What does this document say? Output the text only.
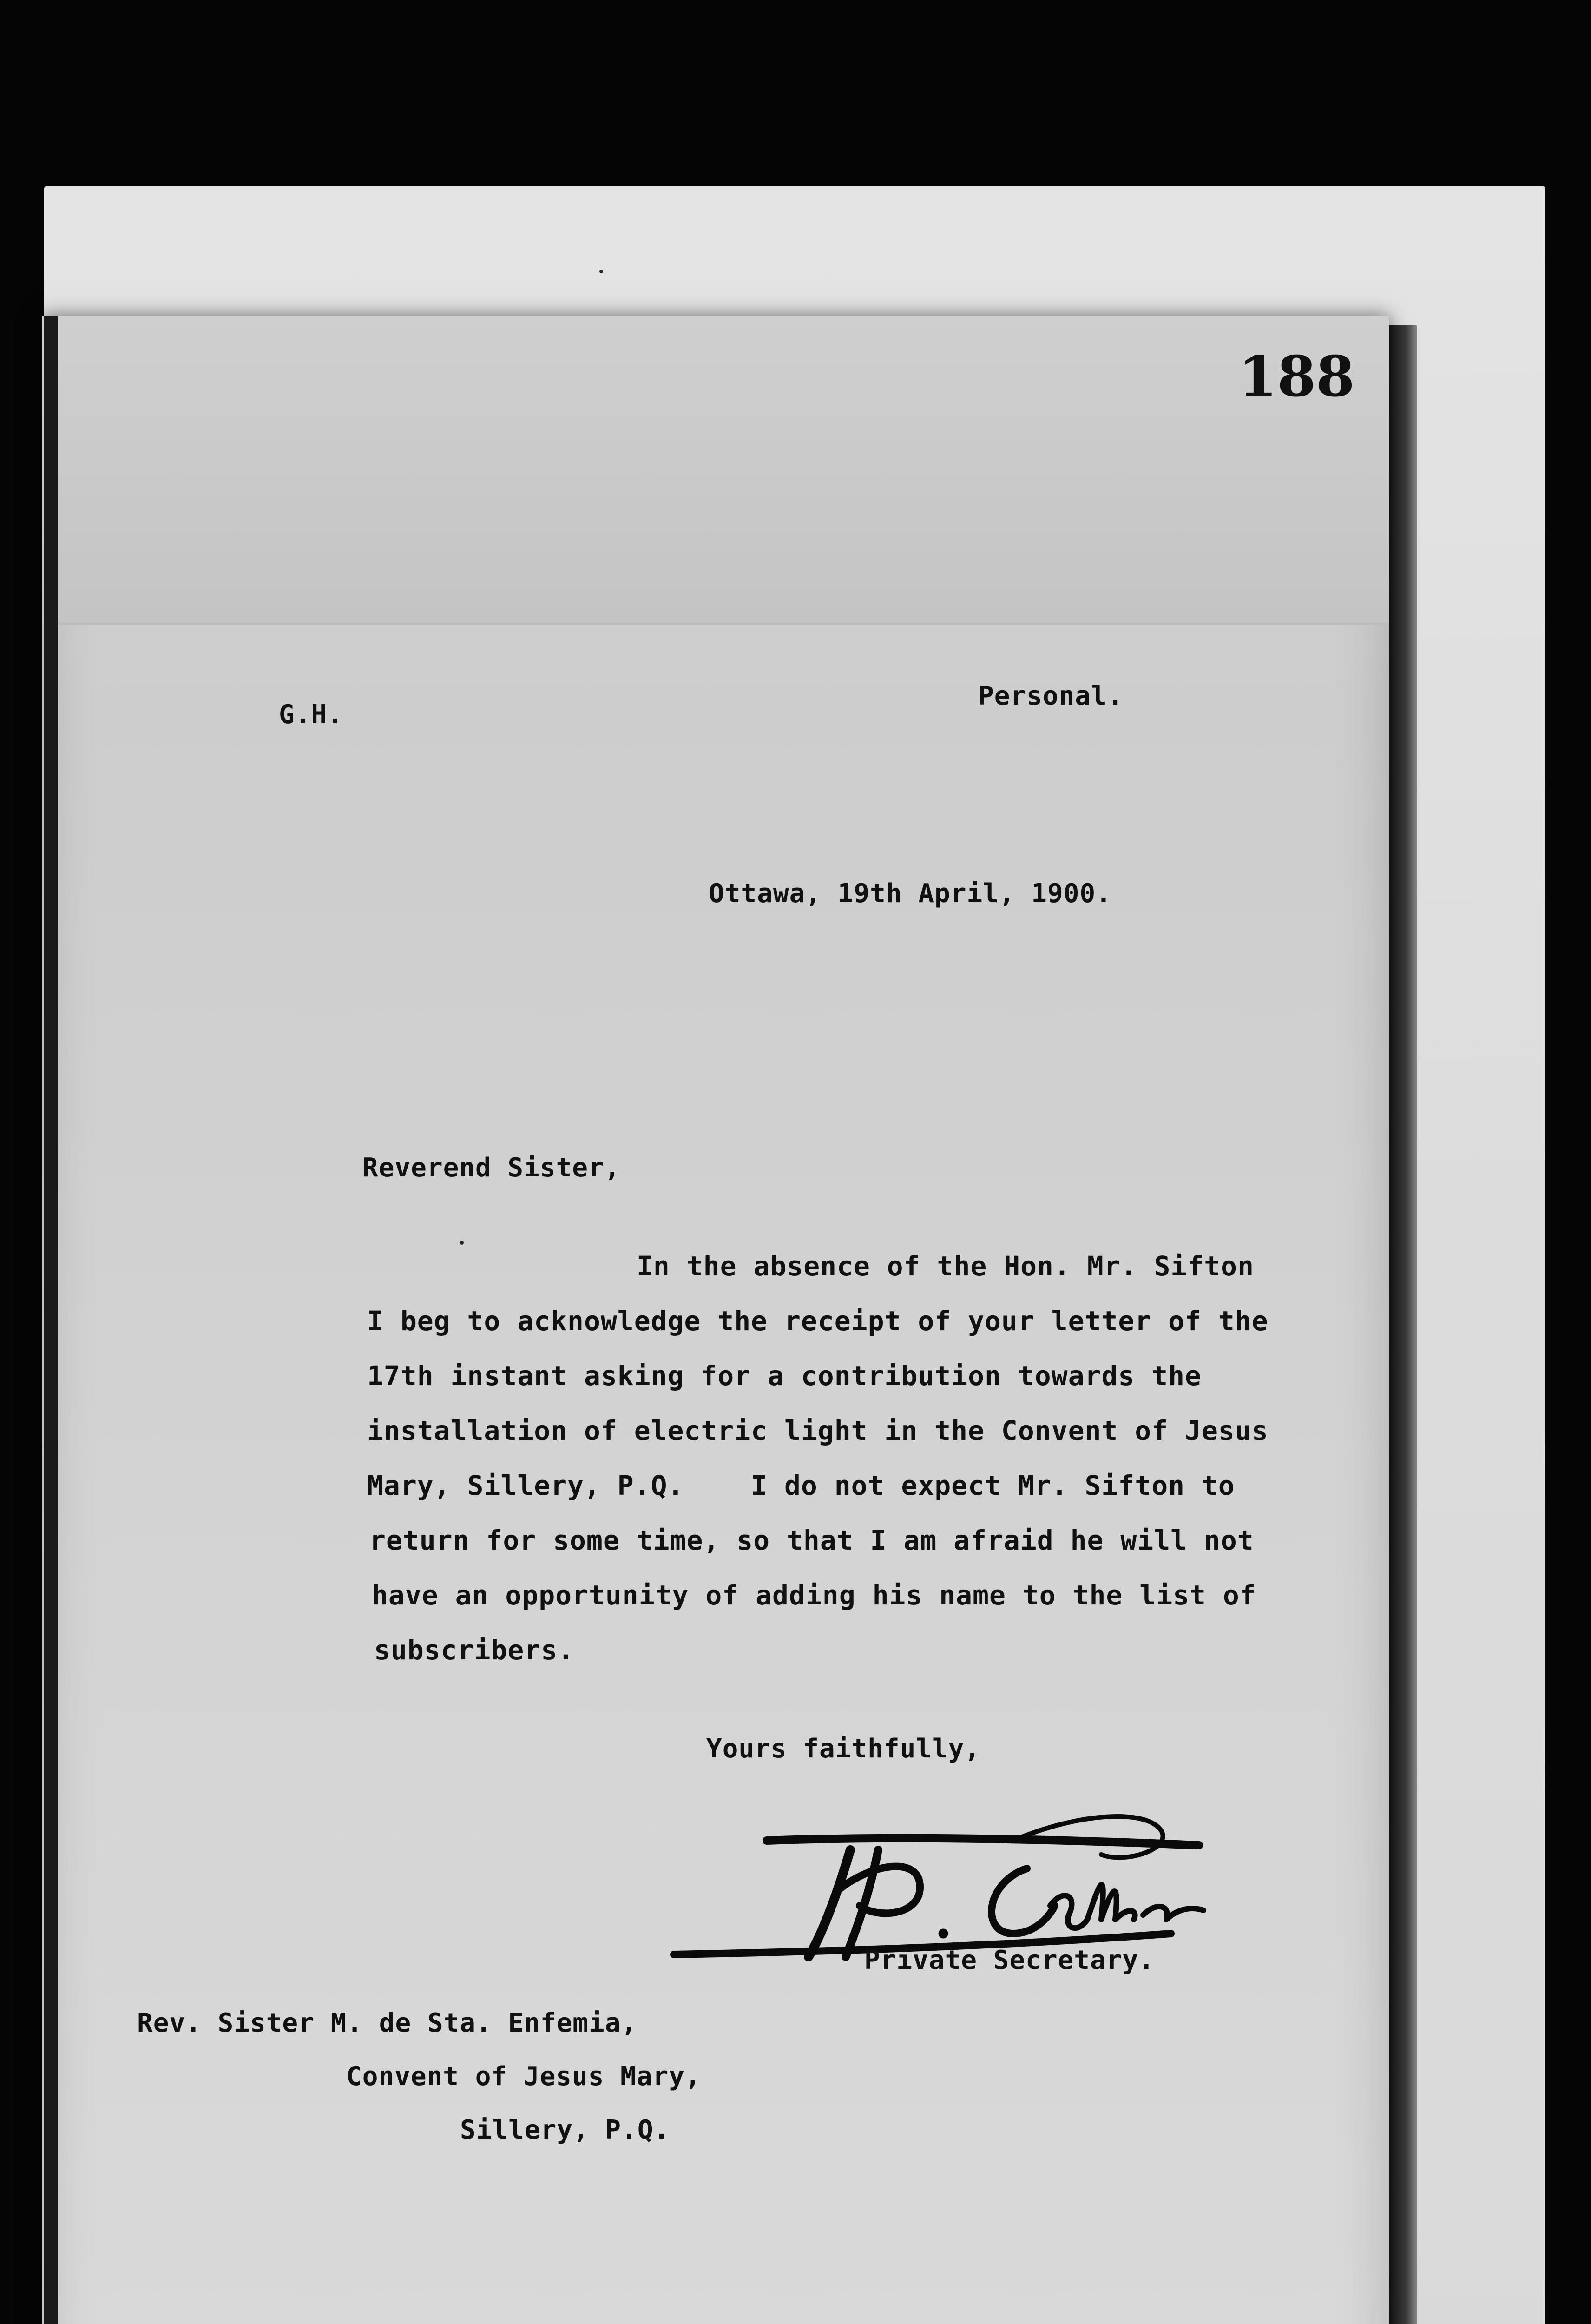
188
G.H.
Personal.
Ottawa, 19th April, 1900.
Reverend Sister,
In the absence of the Hon. Mr. Sifton
I beg to acknowledge the receipt of your letter of the
17th instant asking for a contribution towards the
installation of electric light in the Convent of Jesus
Mary, Sillery, P.Q.    I do not expect Mr. Sifton to
return for some time, so that I am afraid he will not
have an opportunity of adding his name to the list of
subscribers.
Yours faithfully,
Private Secretary.
Rev. Sister M. de Sta. Enfemia,
Convent of Jesus Mary,
Sillery, P.Q.
